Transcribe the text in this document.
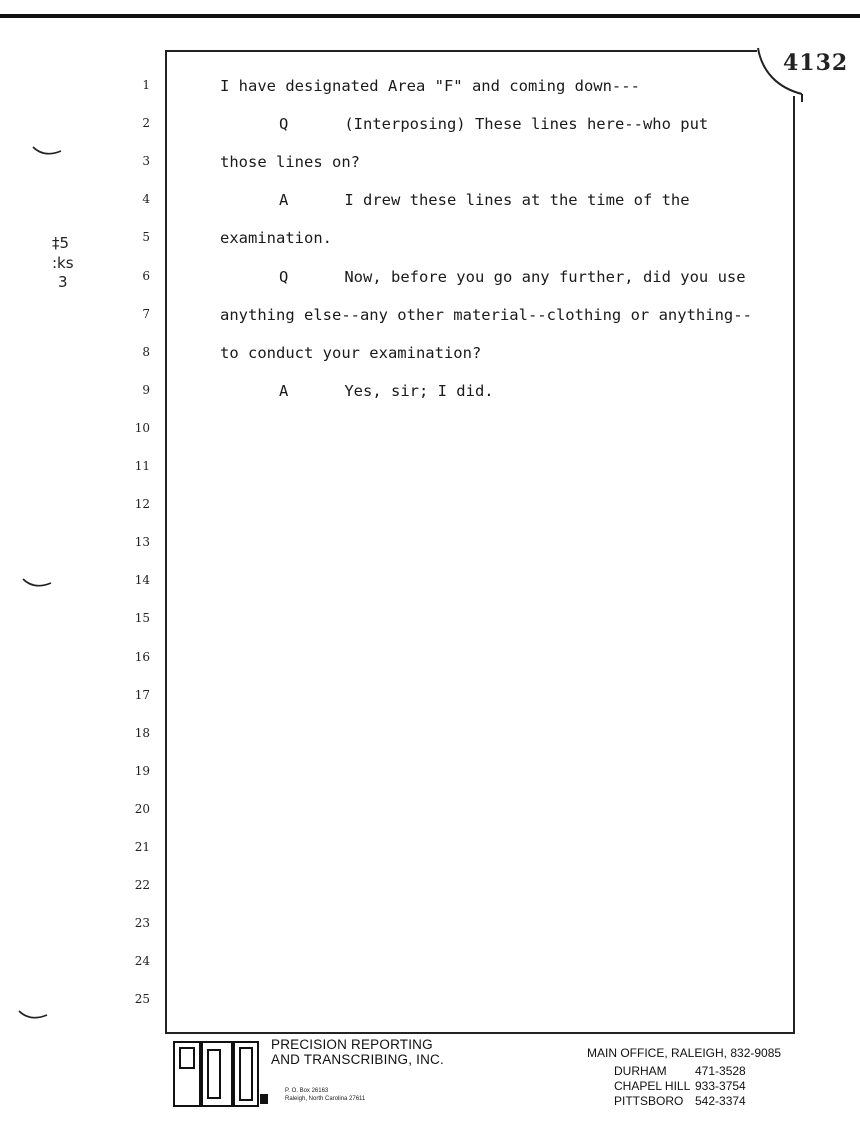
4132
‡5
:ks
3
1	I have designated Area "F" and coming down---
2	Q      (Interposing) These lines here--who put
3	those lines on?
4	A      I drew these lines at the time of the
5	examination.
6	Q      Now, before you go any further, did you use
7	anything else--any other material--clothing or anything--
8	to conduct your examination?
9	A      Yes, sir; I did.
10
11
12
13
14
15
16
17
18
19
20
21
22
23
24
25
PRECISION REPORTING
AND TRANSCRIBING, INC.
P. O. Box 26163
Raleigh, North Carolina 27611
MAIN OFFICE, RALEIGH, 832-9085
DURHAM 471-3528
CHAPEL HILL 933-3754
PITTSBORO 542-3374
